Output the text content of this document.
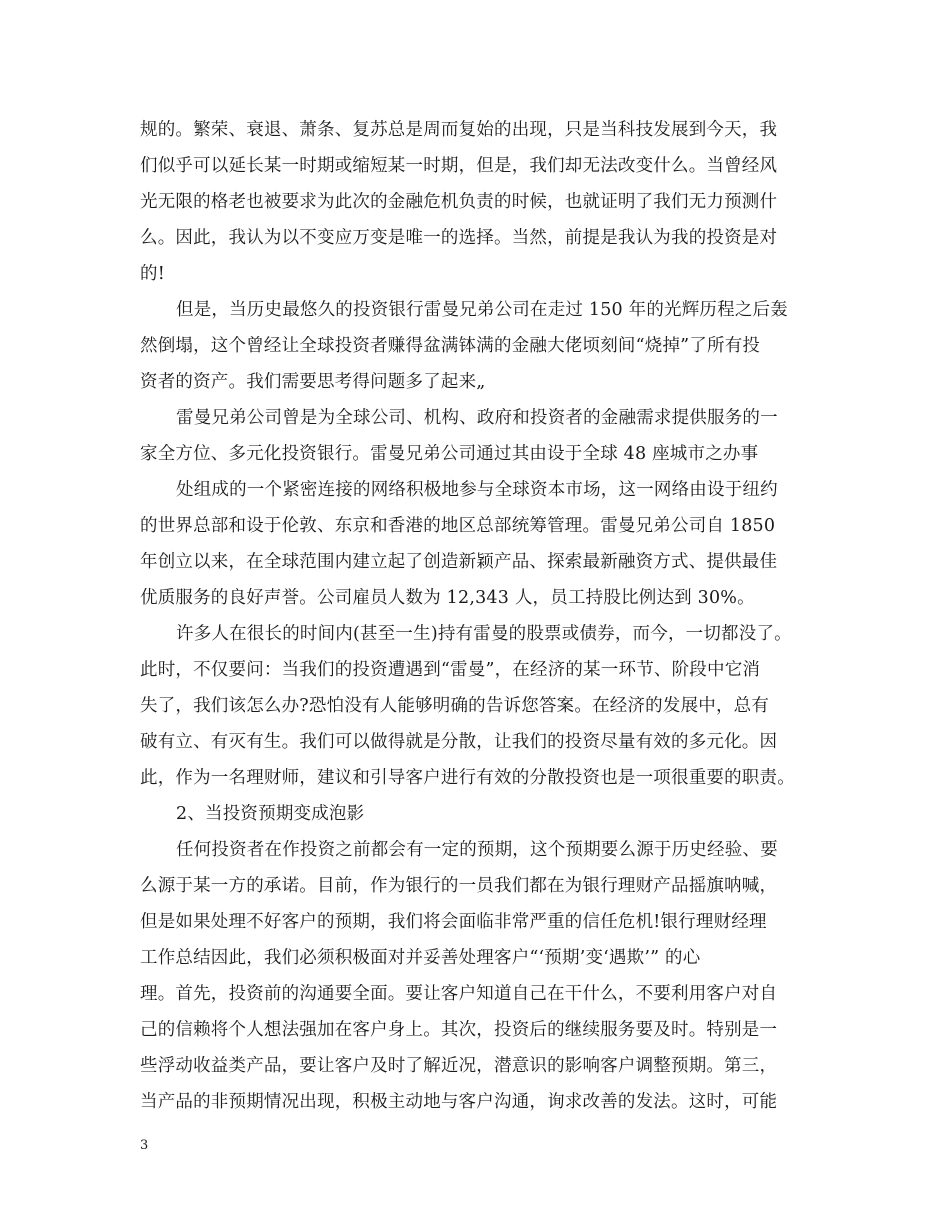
规的。繁荣、衰退、萧条、复苏总是周而复始的出现，只是当科技发展到今天，我
们似乎可以延长某一时期或缩短某一时期，但是，我们却无法改变什么。当曾经风
光无限的格老也被要求为此次的金融危机负责的时候，也就证明了我们无力预测什
么。因此，我认为以不变应万变是唯一的选择。当然，前提是我认为我的投资是对
的!
但是，当历史最悠久的投资银行雷曼兄弟公司在走过 150 年的光辉历程之后轰
然倒塌，这个曾经让全球投资者赚得盆满钵满的金融大佬顷刻间“烧掉”了所有投
资者的资产。我们需要思考得问题多了起来„
雷曼兄弟公司曾是为全球公司、机构、政府和投资者的金融需求提供服务的一
家全方位、多元化投资银行。雷曼兄弟公司通过其由设于全球 48 座城市之办事
处组成的一个紧密连接的网络积极地参与全球资本市场，这一网络由设于纽约
的世界总部和设于伦敦、东京和香港的地区总部统筹管理。雷曼兄弟公司自 1850
年创立以来，在全球范围内建立起了创造新颖产品、探索最新融资方式、提供最佳
优质服务的良好声誉。公司雇员人数为 12,343 人，员工持股比例达到 30%。
许多人在很长的时间内(甚至一生)持有雷曼的股票或债券，而今，一切都没了。
此时，不仅要问：当我们的投资遭遇到“雷曼”，在经济的某一环节、阶段中它消
失了，我们该怎么办?恐怕没有人能够明确的告诉您答案。在经济的发展中，总有
破有立、有灭有生。我们可以做得就是分散，让我们的投资尽量有效的多元化。因
此，作为一名理财师，建议和引导客户进行有效的分散投资也是一项很重要的职责。
2、当投资预期变成泡影
任何投资者在作投资之前都会有一定的预期，这个预期要么源于历史经验、要
么源于某一方的承诺。目前，作为银行的一员我们都在为银行理财产品摇旗呐喊，
但是如果处理不好客户的预期，我们将会面临非常严重的信任危机!银行理财经理
工作总结因此，我们必须积极面对并妥善处理客户“‘预期’变‘遇欺’” 的心
理。首先，投资前的沟通要全面。要让客户知道自己在干什么，不要利用客户对自
己的信赖将个人想法强加在客户身上。其次，投资后的继续服务要及时。特别是一
些浮动收益类产品，要让客户及时了解近况，潜意识的影响客户调整预期。第三，
当产品的非预期情况出现，积极主动地与客户沟通，询求改善的发法。这时，可能
3
